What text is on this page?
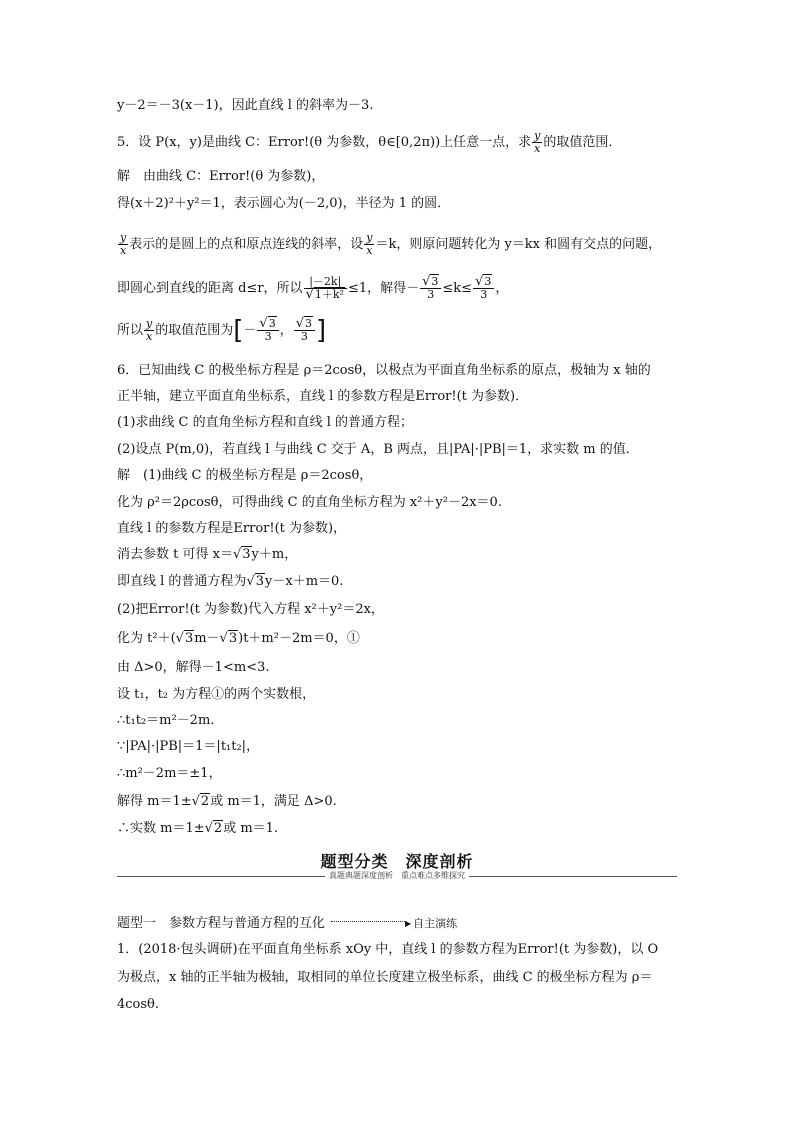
y－2＝－3(x－1)，因此直线 l 的斜率为－3.
5．设 P(x，y)是曲线 C：Error!(θ 为参数，θ∈[0,2π))上任意一点，求 $\frac{y}{x}$ 的取值范围．
解　由曲线 C：Error!(θ 为参数)，
得(x＋2)²＋y²＝1，表示圆心为(－2,0)，半径为 1 的圆．
$\frac{y}{x}$ 表示的是圆上的点和原点连线的斜率，设 $\frac{y}{x} =k$，则原问题转化为 y＝kx 和圆有交点的问题，
即圆心到直线的距离 d≤r，所以 $\frac{|-2k|}{\text{√1＋k²}} \le 1$，解得－ $\frac{√3}{3} \le k\le \frac{√3}{3}$ ，
所以 $\frac{y}{x}$ 的取值范围为[－ $\frac{√3}{3}$ ， $\frac{√3}{3}$ ]
6．已知曲线 C 的极坐标方程是 ρ＝2cosθ，以极点为平面直角坐标系的原点，极轴为 x 轴的
正半轴，建立平面直角坐标系，直线 l 的参数方程是Error!(t 为参数)．
(1)求曲线 C 的直角坐标方程和直线 l 的普通方程；
(2)设点 P(m,0)，若直线 l 与曲线 C 交于 A，B 两点，且|PA|·|PB|＝1，求实数 m 的值．
解　(1)曲线 C 的极坐标方程是 ρ＝2cosθ，
化为 ρ²＝2ρcosθ，可得曲线 C 的直角坐标方程为 x²＋y²－2x＝0.
直线 l 的参数方程是Error!(t 为参数)，
消去参数 t 可得 x＝√3y＋m，
即直线 l 的普通方程为√3y－x＋m＝0.
(2)把Error!(t 为参数)代入方程 x²＋y²＝2x，
化为 t²＋(√3m－√3)t＋m²－2m＝0，①
由 Δ>0，解得－1<m<3.
设 t₁，t₂ 为方程①的两个实数根，
∴t₁t₂＝m²－2m.
∵|PA|·|PB|＝1＝|t₁t₂|，
∴m²－2m＝±1，
解得 m＝1±√2或 m＝1，满足 Δ>0.
∴实数 m＝1±√2或 m＝1.
题型分类　深度剖析
真题典题深度剖析　重点难点多维探究
题型一　参数方程与普通方程的互化	▶ 自主演练
1．(2018·包头调研)在平面直角坐标系 xOy 中，直线 l 的参数方程为Error!(t 为参数)，以 O
为极点，x 轴的正半轴为极轴，取相同的单位长度建立极坐标系，曲线 C 的极坐标方程为 ρ＝
4cosθ.
